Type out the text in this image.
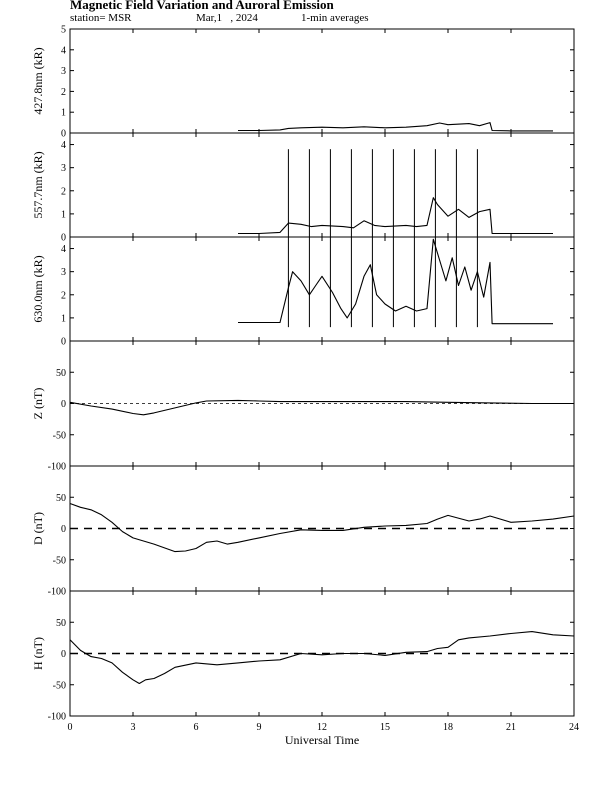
Magnetic Field Variation and Auroral Emission
station= MSR	Mar,1   , 2024	1-min averages
0
1
2
3
4
5
427.8nm (kR)
0
1
2
3
4
557.7nm (kR)
0
1
2
3
4
630.0nm (kR)
-100
-50
0
50
Z (nT)
-100
-50
0
50
D (nT)
-100
-50
0
50
H (nT)
0	3	6	9	12	15	18	21	24
Universal Time
